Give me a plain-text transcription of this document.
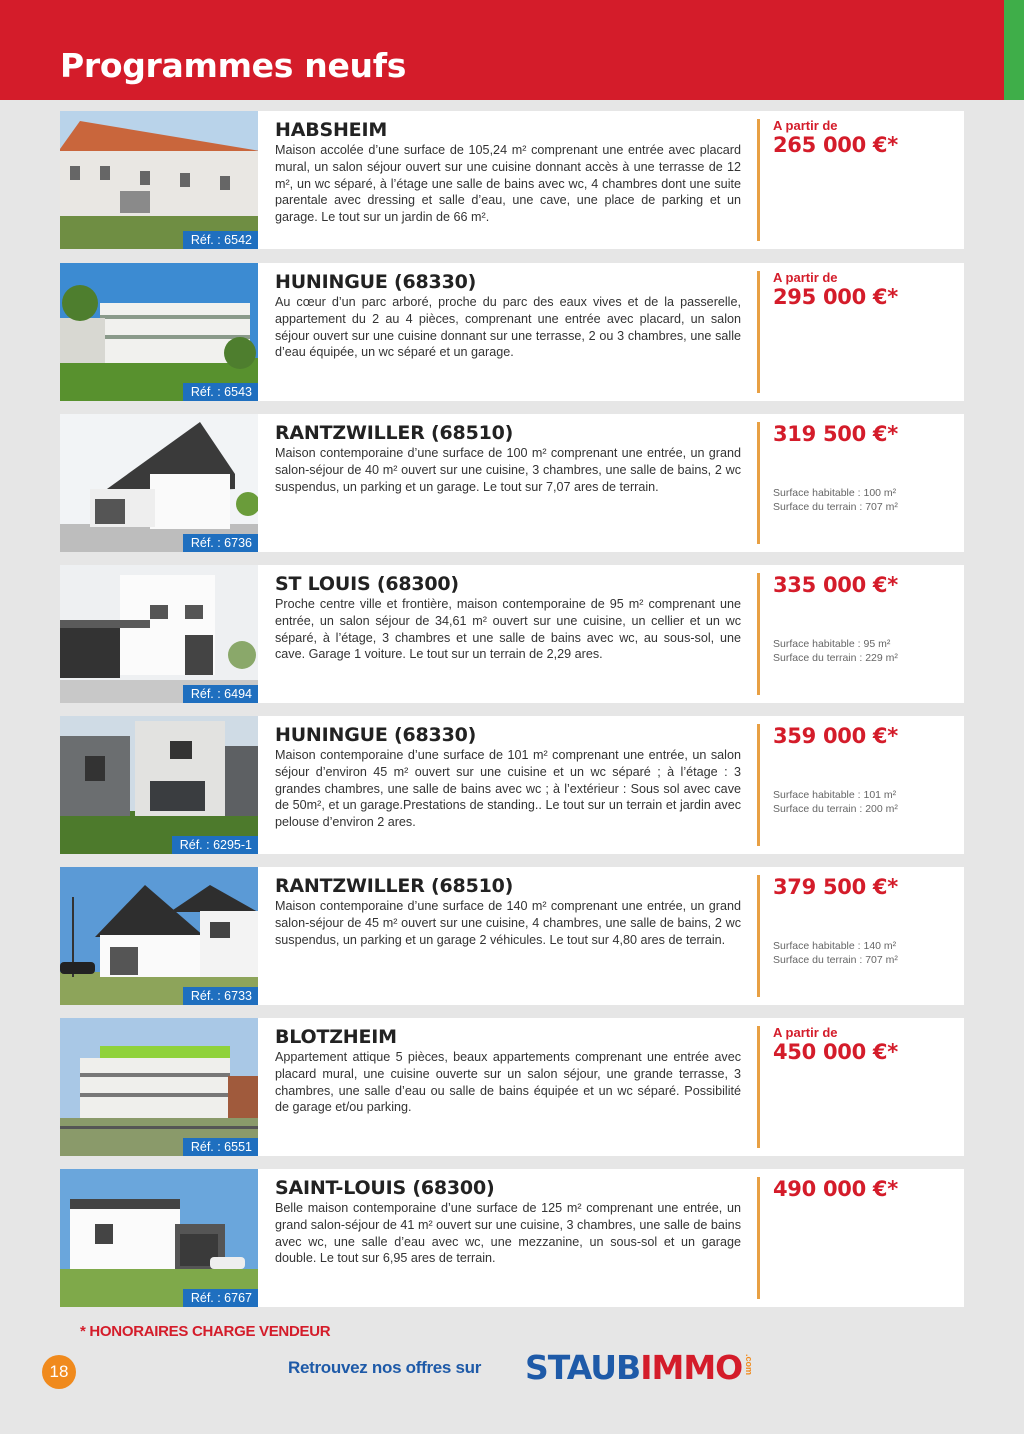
Programmes neufs
Réf. : 6542
HABSHEIM
Maison accolée d’une surface de 105,24 m² comprenant une entrée avec placard mural, un salon séjour ouvert sur une cuisine donnant accès à une terrasse de 12 m², un wc séparé, à l’étage une salle de bains avec wc, 4 chambres dont une suite parentale avec dressing et salle d’eau, une cave, une place de parking et un garage. Le tout sur un jardin de 66 m².
A partir de
265 000 €*
Réf. : 6543
HUNINGUE (68330)
Au cœur d’un parc arboré, proche du parc des eaux vives et de la passerelle, appartement du 2 au 4 pièces, comprenant une entrée avec placard, un salon séjour ouvert sur une cuisine donnant sur une terrasse, 2 ou 3 chambres, une salle d’eau équipée, un wc séparé et un garage.
A partir de
295 000 €*
Réf. : 6736
RANTZWILLER (68510)
Maison contemporaine d’une surface de 100 m² comprenant une entrée, un grand salon-séjour de 40 m² ouvert sur une cuisine, 3 chambres, une salle de bains, 2 wc suspendus, un parking et un garage. Le tout sur 7,07 ares de terrain.
319 500 €*
Surface habitable : 100 m²
Surface du terrain : 707 m²
Réf. : 6494
ST LOUIS (68300)
Proche centre ville et frontière, maison contemporaine de 95 m² comprenant une entrée, un salon séjour de 34,61 m² ouvert sur une cuisine, un cellier et un wc séparé, à l’étage, 3 chambres et une salle de bains avec wc, au sous-sol, une cave. Garage 1 voiture. Le tout sur un terrain de 2,29 ares.
335 000 €*
Surface habitable : 95 m²
Surface du terrain : 229 m²
Réf. : 6295-1
HUNINGUE (68330)
Maison contemporaine d’une surface de 101 m² comprenant une entrée, un salon séjour d’environ 45 m² ouvert sur une cuisine et un wc séparé ; à l’étage : 3 grandes chambres, une salle de bains avec wc ; à l’extérieur : Sous sol avec cave de 50m², et un garage.Prestations de standing.. Le tout sur un terrain et jardin avec pelouse d’environ 2 ares.
359 000 €*
Surface habitable : 101 m²
Surface du terrain : 200 m²
Réf. : 6733
RANTZWILLER (68510)
Maison contemporaine d’une surface de 140 m² comprenant une entrée, un grand salon-séjour de 45 m² ouvert sur une cuisine, 4 chambres, une salle de bains, 2 wc suspendus, un parking et un garage 2 véhicules. Le tout sur 4,80 ares de terrain.
379 500 €*
Surface habitable : 140 m²
Surface du terrain : 707 m²
Réf. : 6551
BLOTZHEIM
Appartement attique 5 pièces, beaux appartements comprenant une entrée avec placard mural, une cuisine ouverte sur un salon séjour, une grande terrasse, 3 chambres, une salle d’eau ou salle de bains équipée et un wc séparé. Possibilité de garage et/ou parking.
A partir de
450 000 €*
Réf. : 6767
SAINT-LOUIS (68300)
Belle maison contemporaine d’une surface de 125 m² comprenant une entrée, un grand salon-séjour de 41 m² ouvert sur une cuisine, 3 chambres, une salle de bains avec wc, une salle d’eau avec wc, une mezzanine, un sous-sol et un garage double. Le tout sur 6,95 ares de terrain.
490 000 €*
* HONORAIRES CHARGE VENDEUR
18	Retrouvez nos offres sur STAUBIMMO .com
